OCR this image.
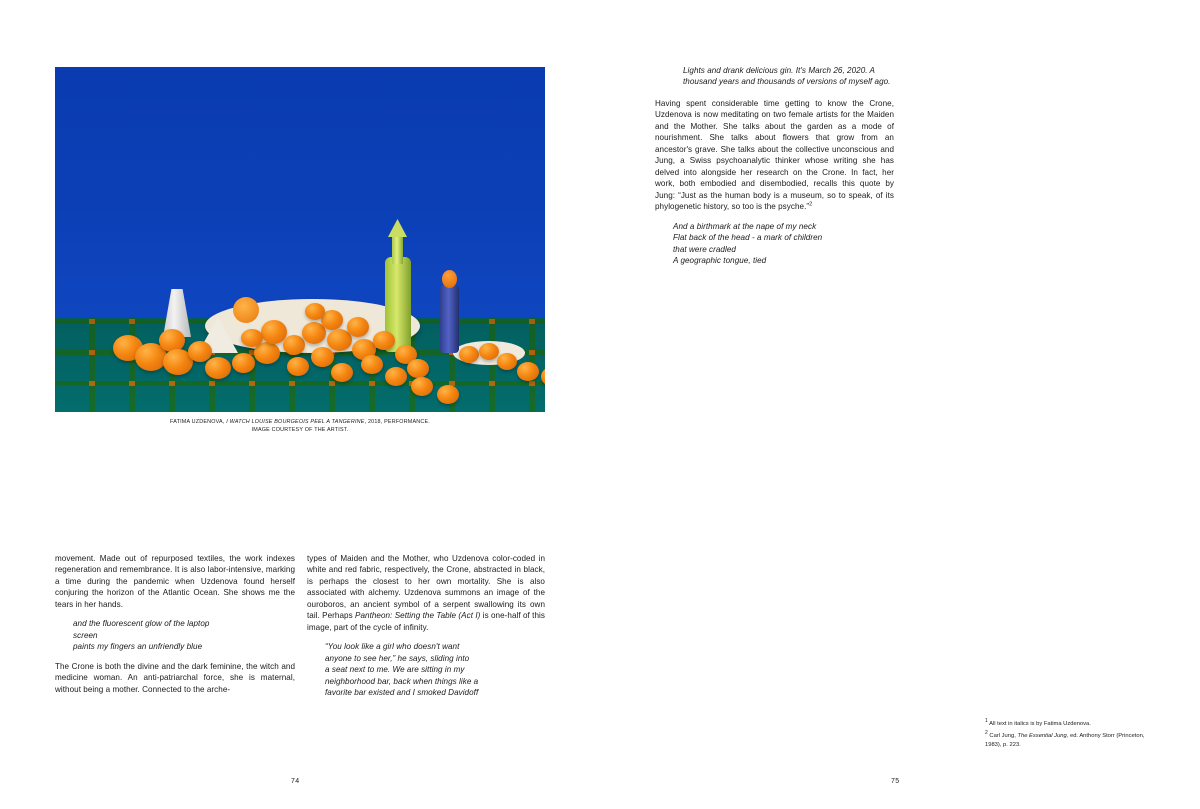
FATIMA UZDENOVA, I WATCH LOUISE BOURGEOIS PEEL A TANGERINE, 2018, PERFORMANCE.
IMAGE COURTESY OF THE ARTIST.

movement. Made out of repurposed textiles, the work indexes regeneration and remembrance. It is also labor-intensive, marking a time during the pandemic when Uzdenova found herself conjuring the horizon of the Atlantic Ocean. She shows me the tears in her hands.

and the fluorescent glow of the laptop
screen
paints my fingers an unfriendly blue

The Crone is both the divine and the dark feminine, the witch and medicine woman. An anti-patriarchal force, she is maternal, without being a mother. Connected to the arche-

types of Maiden and the Mother, who Uzdenova color-coded in white and red fabric, respectively, the Crone, abstracted in black, is perhaps the closest to her own mortality. She is also associated with alchemy. Uzdenova summons an image of the ouroboros, an ancient symbol of a serpent swallowing its own tail. Perhaps Pantheon: Setting the Table (Act I) is one-half of this image, part of the cycle of infinity.

“You look like a girl who doesn't want
anyone to see her,” he says, sliding into
a seat next to me. We are sitting in my
neighborhood bar, back when things like a
favorite bar existed and I smoked Davidoff
Lights and drank delicious gin. It's March 26, 2020. A thousand years and thousands of versions of myself ago.

Having spent considerable time getting to know the Crone, Uzdenova is now meditating on two female artists for the Maiden and the Mother. She talks about the garden as a mode of nourishment. She talks about flowers that grow from an ancestor's grave. She talks about the collective unconscious and Jung, a Swiss psychoanalytic thinker whose writing she has delved into alongside her research on the Crone. In fact, her work, both embodied and disembodied, recalls this quote by Jung: “Just as the human body is a museum, so to speak, of its phylogenetic history, so too is the psyche.”$^2$

And a birthmark at the nape of my neck
Flat back of the head - a mark of children
that were cradled
A geographic tongue, tied

$^1$ All text in italics is by Fatima Uzdenova.

$^2$ Carl Jung, The Essential Jung, ed. Anthony Storr (Princeton, 1983), p. 223.

74	75
